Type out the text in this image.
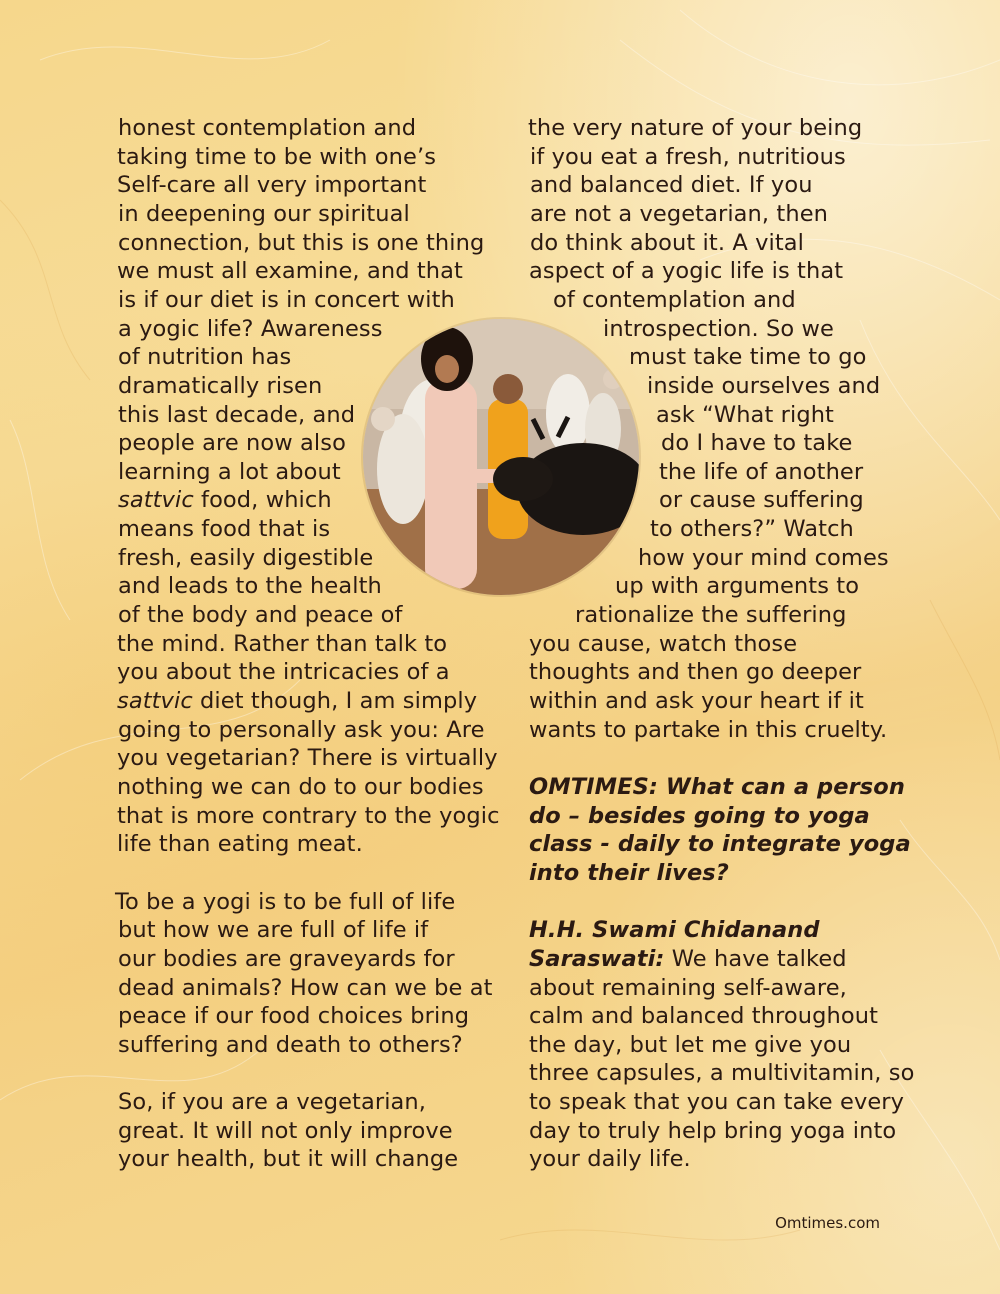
honest contemplation and
taking time to be with one’s
Self-care all very important
in deepening our spiritual
connection, but this is one thing
we must all examine, and that
is if our diet is in concert with
a yogic life? Awareness
of nutrition has
dramatically risen
this last decade, and
people are now also
learning a lot about
sattvic food, which
means food that is
fresh, easily digestible
and leads to the health
of the body and peace of
the mind. Rather than talk to
you about the intricacies of a
sattvic diet though, I am simply
going to personally ask you: Are
you vegetarian? There is virtually
nothing we can do to our bodies
that is more contrary to the yogic
life than eating meat.
To be a yogi is to be full of life
but how we are full of life if
our bodies are graveyards for
dead animals? How can we be at
peace if our food choices bring
suffering and death to others?
So, if you are a vegetarian,
great. It will not only improve
your health, but it will change
the very nature of your being
if you eat a fresh, nutritious
and balanced diet. If you
are not a vegetarian, then
do think about it. A vital
aspect of a yogic life is that
of contemplation and
introspection. So we
must take time to go
inside ourselves and
ask “What right
do I have to take
the life of another
or cause suffering
to others?” Watch
how your mind comes
up with arguments to
rationalize the suffering
you cause, watch those
thoughts and then go deeper
within and ask your heart if it
wants to partake in this cruelty.
OMTIMES: What can a person
do – besides going to yoga
class - daily to integrate yoga
into their lives?
H.H. Swami Chidanand
Saraswati: We have talked
about remaining self-aware,
calm and balanced throughout
the day, but let me give you
three capsules, a multivitamin, so
to speak that you can take every
day to truly help bring yoga into
your daily life.
Omtimes.com
